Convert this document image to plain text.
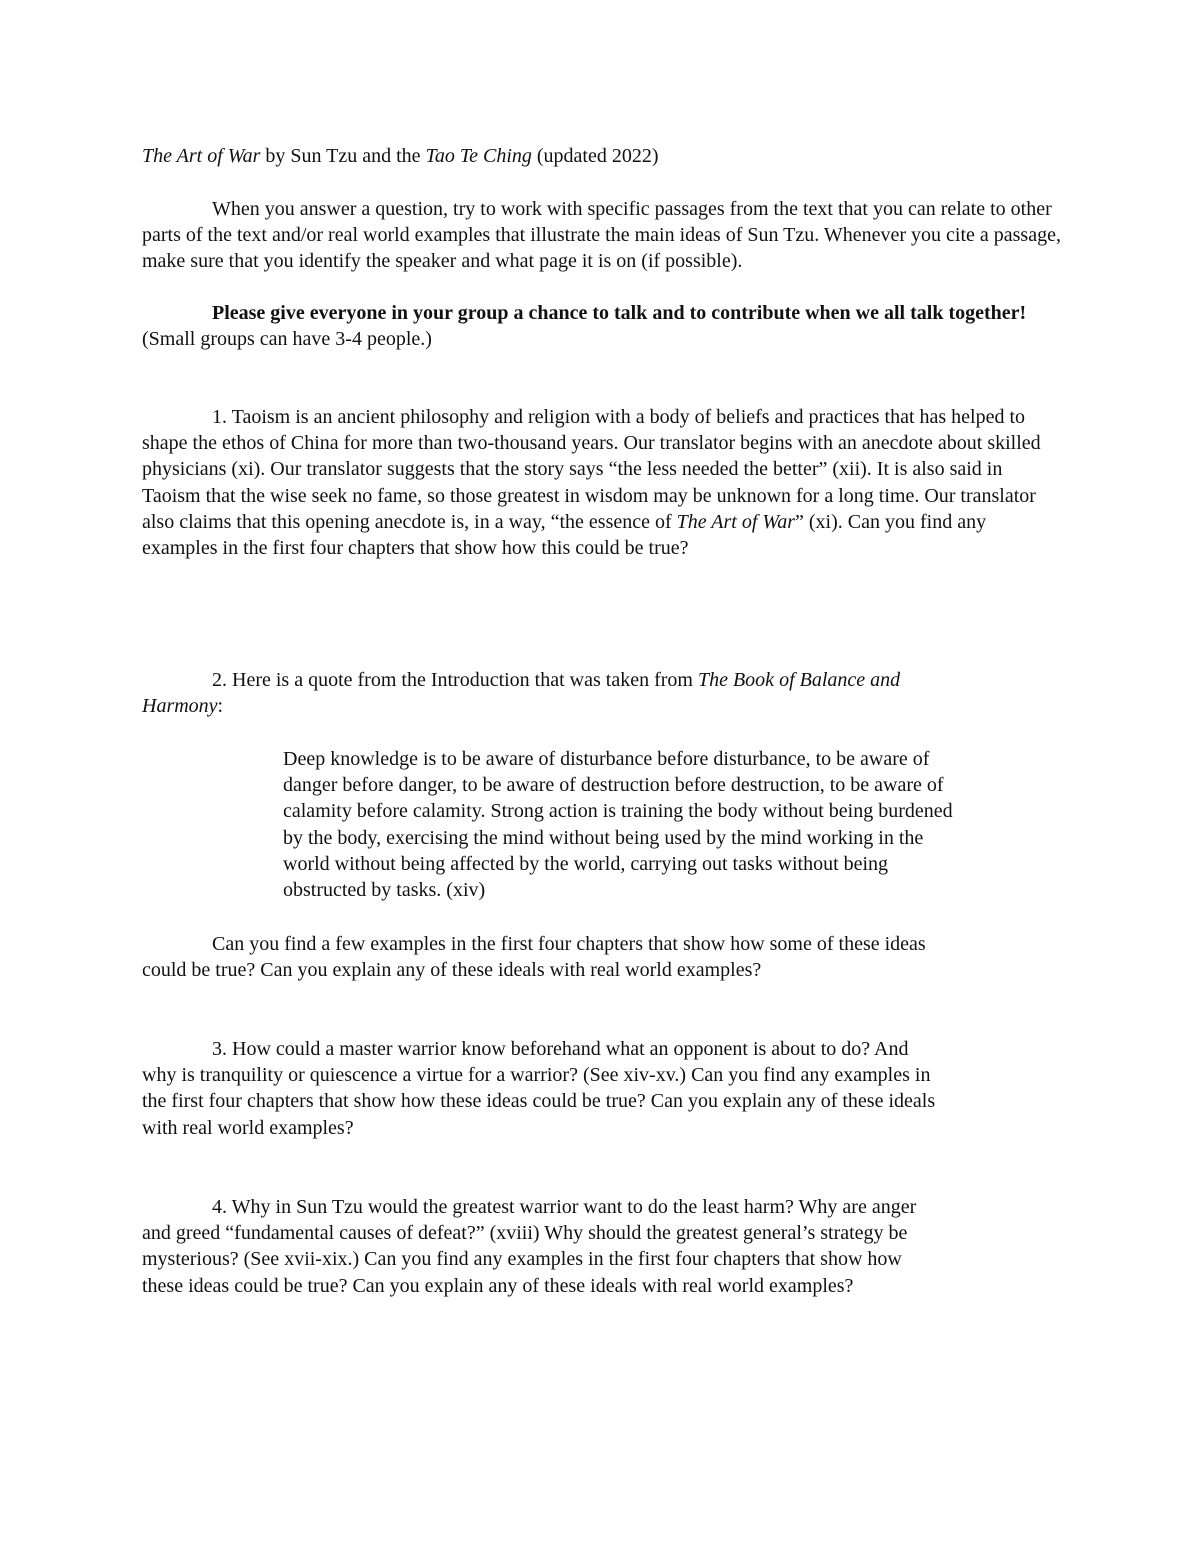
The Art of War by Sun Tzu and the Tao Te Ching (updated 2022)

When you answer a question, try to work with specific passages from the text that you can relate to other parts of the text and/or real world examples that illustrate the main ideas of Sun Tzu. Whenever you cite a passage, make sure that you identify the speaker and what page it is on (if possible).

Please give everyone in your group a chance to talk and to contribute when we all talk together! (Small groups can have 3-4 people.)

1. Taoism is an ancient philosophy and religion with a body of beliefs and practices that has helped to shape the ethos of China for more than two-thousand years. Our translator begins with an anecdote about skilled physicians (xi). Our translator suggests that the story says “the less needed the better” (xii). It is also said in Taoism that the wise seek no fame, so those greatest in wisdom may be unknown for a long time. Our translator also claims that this opening anecdote is, in a way, “the essence of The Art of War” (xi). Can you find any examples in the first four chapters that show how this could be true?

2. Here is a quote from the Introduction that was taken from The Book of Balance and Harmony:

Deep knowledge is to be aware of disturbance before disturbance, to be aware of danger before danger, to be aware of destruction before destruction, to be aware of calamity before calamity. Strong action is training the body without being burdened by the body, exercising the mind without being used by the mind working in the world without being affected by the world, carrying out tasks without being obstructed by tasks. (xiv)

Can you find a few examples in the first four chapters that show how some of these ideas could be true? Can you explain any of these ideals with real world examples?

3. How could a master warrior know beforehand what an opponent is about to do? And why is tranquility or quiescence a virtue for a warrior? (See xiv-xv.) Can you find any examples in the first four chapters that show how these ideas could be true? Can you explain any of these ideals with real world examples?

4. Why in Sun Tzu would the greatest warrior want to do the least harm? Why are anger and greed “fundamental causes of defeat?” (xviii) Why should the greatest general’s strategy be mysterious? (See xvii-xix.) Can you find any examples in the first four chapters that show how these ideas could be true? Can you explain any of these ideals with real world examples?
